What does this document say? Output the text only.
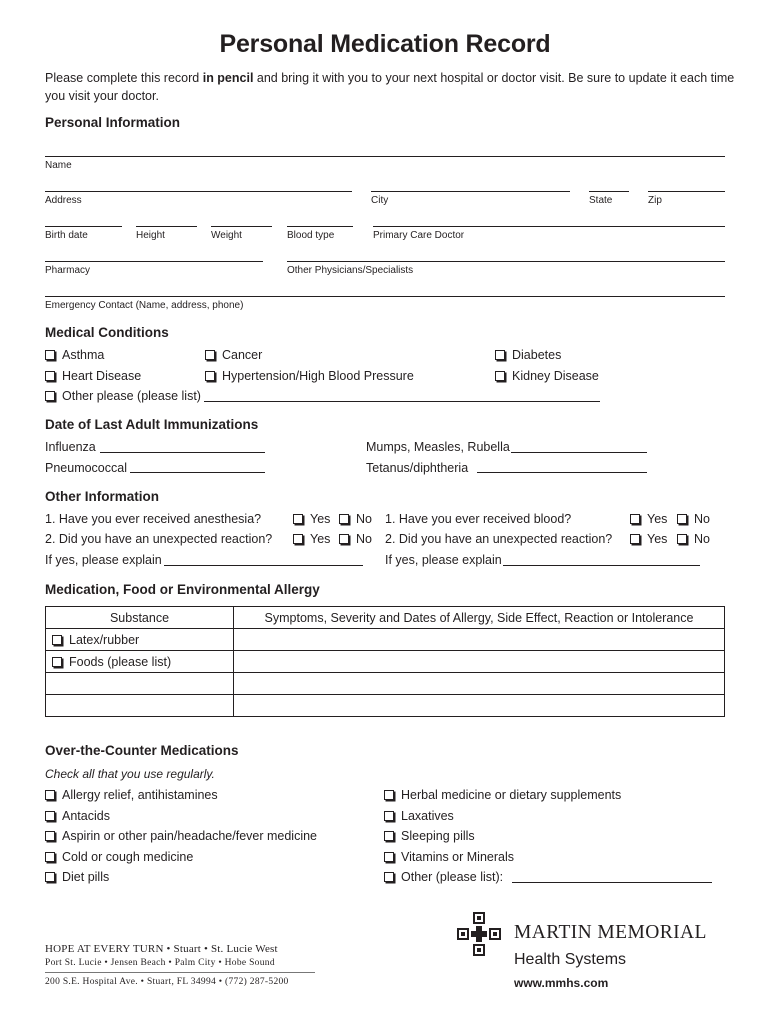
Personal Medication Record
Please complete this record in pencil and bring it with you to your next hospital or doctor visit. Be sure to update it each time you visit your doctor.
Personal Information
Name
Address	City	State	Zip
Birth date	Height	Weight	Blood type	Primary Care Doctor
Pharmacy	Other Physicians/Specialists
Emergency Contact (Name, address, phone)
Medical Conditions
Asthma	Cancer	Diabetes
Heart Disease	Hypertension/High Blood Pressure	Kidney Disease
Other please (please list)
Date of Last Adult Immunizations
Influenza	Mumps, Measles, Rubella
Pneumococcal	Tetanus/diphtheria
Other Information
1. Have you ever received anesthesia?	Yes	No 1. Have you ever received blood?	Yes	No
2. Did you have an unexpected reaction?	Yes	No 2. Did you have an unexpected reaction?	Yes	No
If yes, please explain	If yes, please explain
Medication, Food or Environmental Allergy
Substance	Symptoms, Severity and Dates of Allergy, Side Effect, Reaction or Intolerance
Latex/rubber	
Foods (please list)	

Over-the-Counter Medications
Check all that you use regularly.
Allergy relief, antihistamines
Antacids
Aspirin or other pain/headache/fever medicine
Cold or cough medicine
Diet pills
Herbal medicine or dietary supplements
Laxatives
Sleeping pills
Vitamins or Minerals
Other (please list):
HOPE AT EVERY TURN • Stuart • St. Lucie West
Port St. Lucie • Jensen Beach • Palm City • Hobe Sound
200 S.E. Hospital Ave. • Stuart, FL 34994 • (772) 287-5200
MARTIN MEMORIAL
Health Systems
www.mmhs.com
